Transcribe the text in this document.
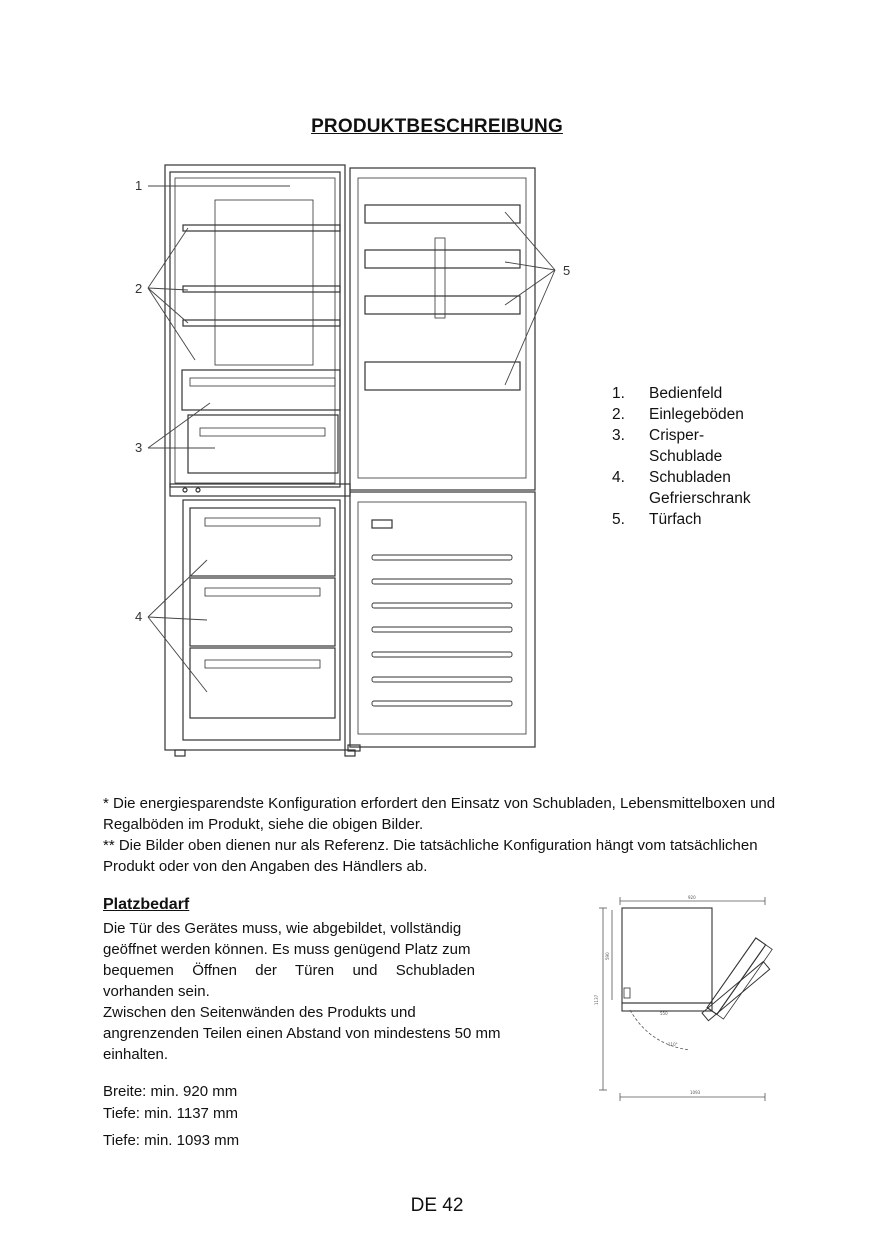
PRODUKTBESCHREIBUNG
1
2
3
4
5
1.	Bedienfeld
2.	Einlegeböden
3.	Crisper-
Schublade
4.	Schubladen
Gefrierschrank
5.	Türfach

* Die energiesparendste Konfiguration erfordert den Einsatz von Schubladen, Lebensmittelboxen und

Regalböden im Produkt, siehe die obigen Bilder.

** Die Bilder oben dienen nur als Referenz. Die tatsächliche Konfiguration hängt vom tatsächlichen

Produkt oder von den Angaben des Händlers ab.

Platzbedarf

Die Tür des Gerätes muss, wie abgebildet, vollständig

geöffnet werden können. Es muss genügend Platz zum

bequemen Öffnen der Türen und Schubladen

vorhanden sein.

Zwischen den Seitenwänden des Produkts und

angrenzenden Teilen einen Abstand von mindestens 50 mm

einhalten.

Breite: min. 920 mm
Tiefe: min. 1137 mm
Tiefe: min. 1093 mm
920
1137
1093
590
550
110°
DE 42
